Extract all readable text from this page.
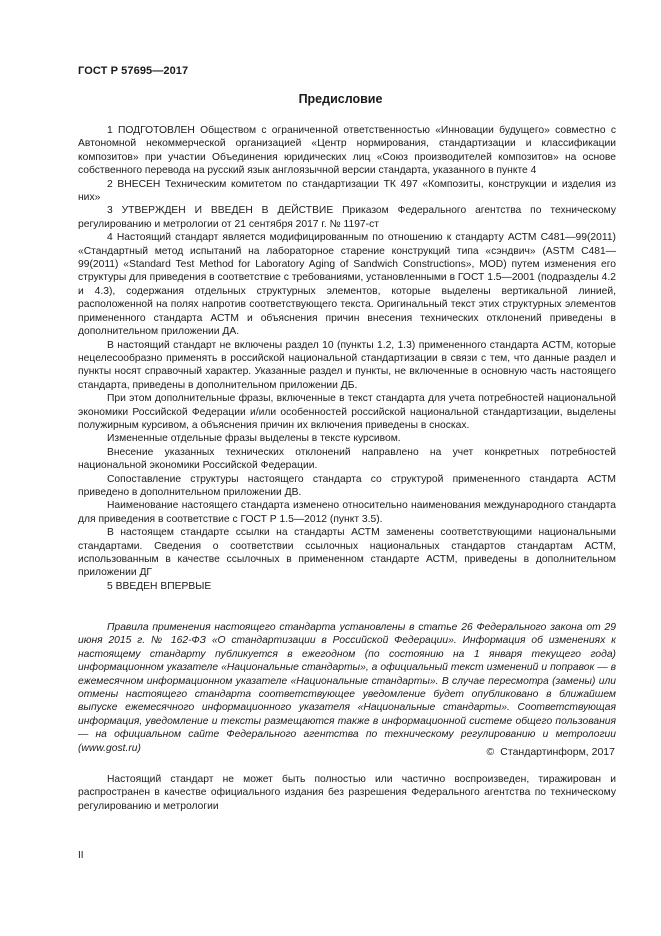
ГОСТ Р 57695—2017
Предисловие

1 ПОДГОТОВЛЕН Обществом с ограниченной ответственностью «Инновации будущего» совместно с Автономной некоммерческой организацией «Центр нормирования, стандартизации и классификации композитов» при участии Объединения юридических лиц «Союз производителей композитов» на основе собственного перевода на русский язык англоязычной версии стандарта, указанного в пункте 4

2 ВНЕСЕН Техническим комитетом по стандартизации ТК 497 «Композиты, конструкции и изделия из них»

3 УТВЕРЖДЕН И ВВЕДЕН В ДЕЙСТВИЕ Приказом Федерального агентства по техническому регулированию и метрологии от 21 сентября 2017 г. № 1197-ст

4 Настоящий стандарт является модифицированным по отношению к стандарту АСТМ С481—99(2011) «Стандартный метод испытаний на лабораторное старение конструкций типа «сэндвич» (ASTM C481—99(2011) «Standard Test Method for Laboratory Aging of Sandwich Constructions», MOD) путем изменения его структуры для приведения в соответствие с требованиями, установленными в ГОСТ 1.5—2001 (подразделы 4.2 и 4.3), содержания отдельных структурных элементов, которые выделены вертикальной линией, расположенной на полях напротив соответствующего текста. Оригинальный текст этих структурных элементов примененного стандарта АСТМ и объяснения причин внесения технических отклонений приведены в дополнительном приложении ДА.

В настоящий стандарт не включены раздел 10 (пункты 1.2, 1.3) примененного стандарта АСТМ, которые нецелесообразно применять в российской национальной стандартизации в связи с тем, что данные раздел и пункты носят справочный характер. Указанные раздел и пункты, не включенные в основную часть настоящего стандарта, приведены в дополнительном приложении ДБ.

При этом дополнительные фразы, включенные в текст стандарта для учета потребностей национальной экономики Российской Федерации и/или особенностей российской национальной стандартизации, выделены полужирным курсивом, а объяснения причин их включения приведены в сносках.

Измененные отдельные фразы выделены в тексте курсивом.

Внесение указанных технических отклонений направлено на учет конкретных потребностей национальной экономики Российской Федерации.

Сопоставление структуры настоящего стандарта со структурой примененного стандарта АСТМ приведено в дополнительном приложении ДВ.

Наименование настоящего стандарта изменено относительно наименования международного стандарта для приведения в соответствие с ГОСТ Р 1.5—2012 (пункт 3.5).

В настоящем стандарте ссылки на стандарты АСТМ заменены соответствующими национальными стандартами. Сведения о соответствии ссылочных национальных стандартов стандартам АСТМ, использованным в качестве ссылочных в примененном стандарте АСТМ, приведены в дополнительном приложении ДГ

5 ВВЕДЕН ВПЕРВЫЕ

Правила применения настоящего стандарта установлены в статье 26 Федерального закона от 29 июня 2015 г. № 162-ФЗ «О стандартизации в Российской Федерации». Информация об изменениях к настоящему стандарту публикуется в ежегодном (по состоянию на 1 января текущего года) информационном указателе «Национальные стандарты», а официальный текст изменений и поправок — в ежемесячном информационном указателе «Национальные стандарты». В случае пересмотра (замены) или отмены настоящего стандарта соответствующее уведомление будет опубликовано в ближайшем выпуске ежемесячного информационного указателя «Национальные стандарты». Соответствующая информация, уведомление и тексты размещаются также в информационной системе общего пользования — на официальном сайте Федерального агентства по техническому регулированию и метрологии (www.gost.ru)	© Стандартинформ, 2017

Настоящий стандарт не может быть полностью или частично воспроизведен, тиражирован и распространен в качестве официального издания без разрешения Федерального агентства по техническому регулированию и метрологии

II
